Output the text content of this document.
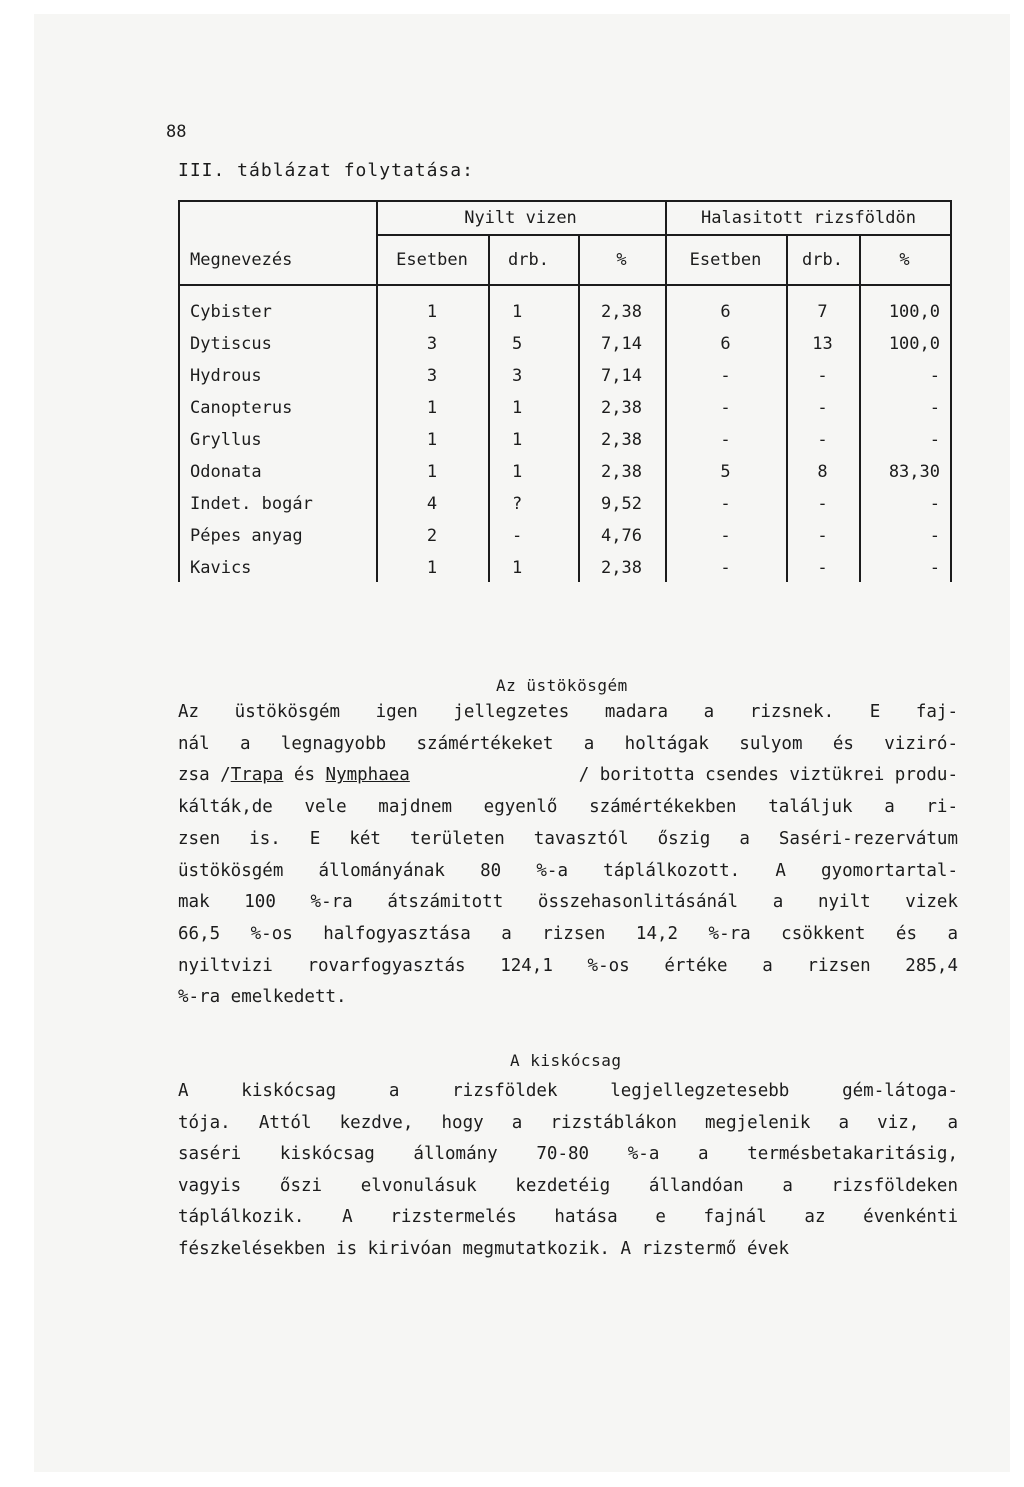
88
III. táblázat folytatása:
Nyilt vizen	Halasitott rizsföldön
Megnevezés	Esetben	drb.	%	Esetben	drb.	%
Cybister	1	1	2,38	6	7	100,0
Dytiscus	3	5	7,14	6	13	100,0
Hydrous	3	3	7,14	-	-	-
Canopterus	1	1	2,38	-	-	-
Gryllus	1	1	2,38	-	-	-
Odonata	1	1	2,38	5	8	83,30
Indet. bogár	4	?	9,52	-	-	-
Pépes anyag	2	-	4,76	-	-	-
Kavics	1	1	2,38	-	-	-
Az üstökösgém
Az üstökösgém igen jellegzetes madara a rizsnek. E faj-
nál a legnagyobb számértékeket a holtágak sulyom és viziró-
zsa /Trapa és Nymphaea	/ boritotta csendes viztükrei produ-
kálták,de vele majdnem egyenlő számértékekben találjuk a ri-
zsen is. E két területen tavasztól őszig a Saséri-rezervátum
üstökösgém állományának 80 %-a táplálkozott. A gyomortartal-
mak 100 %-ra átszámitott összehasonlitásánál a nyilt vizek
66,5 %-os halfogyasztása a rizsen 14,2 %-ra csökkent és a
nyiltvizi rovarfogyasztás 124,1 %-os értéke a rizsen 285,4
%-ra emelkedett.
A kiskócsag
A kiskócsag a rizsföldek legjellegzetesebb gém-látoga-
tója. Attól kezdve, hogy a rizstáblákon megjelenik a viz, a
saséri kiskócsag állomány 70-80 %-a a termésbetakaritásig,
vagyis őszi elvonulásuk kezdetéig állandóan a rizsföldeken
táplálkozik. A rizstermelés hatása e fajnál az évenkénti
fészkelésekben is kirivóan megmutatkozik. A rizstermő évek
